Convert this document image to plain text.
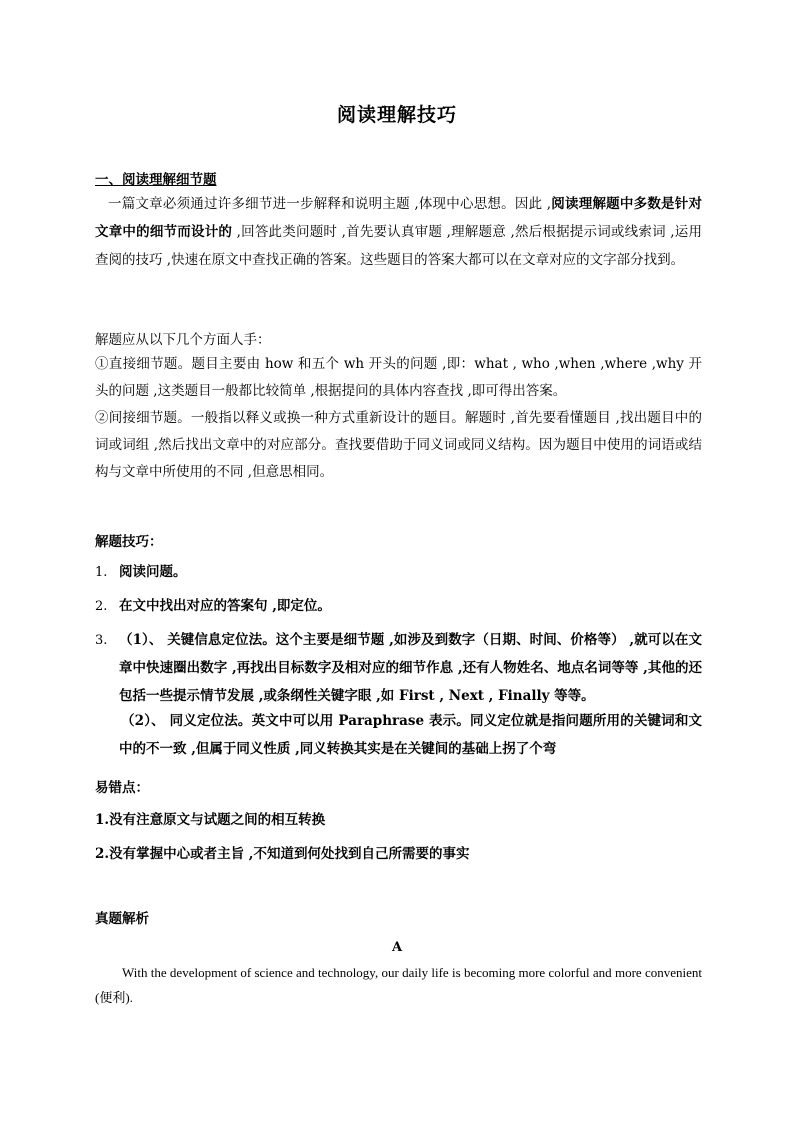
阅读理解技巧
一、阅读理解细节题
一篇文章必须通过许多细节进一步解释和说明主题 ,体现中心思想。因此 ,阅读理解题中多数是针对文章中的细节而设计的 ,回答此类问题时 ,首先要认真审题 ,理解题意 ,然后根据提示词或线索词 ,运用查阅的技巧 ,快速在原文中查找正确的答案。这些题目的答案大都可以在文章对应的文字部分找到。
解题应从以下几个方面人手：
①直接细节题。题目主要由 how 和五个 wh 开头的问题 ,即：what , who ,when ,where ,why 开头的问题 ,这类题目一般都比较简单 ,根据提问的具体内容查找 ,即可得出答案。
②间接细节题。一般指以释义或换一种方式重新设计的题目。解题时 ,首先要看懂题目 ,找出题目中的词或词组 ,然后找出文章中的对应部分。查找要借助于同义词或同义结构。因为题目中使用的词语或结构与文章中所使用的不同 ,但意思相同。
解题技巧：
1. 阅读问题。
2. 在文中找出对应的答案句 ,即定位。
3. （1）、 关键信息定位法。这个主要是细节题 ,如涉及到数字（日期、时间、价格等） ,就可以在文章中快速圈出数字 ,再找出目标数字及相对应的细节作息 ,还有人物姓名、地点名词等等 ,其他的还包括一些提示情节发展 ,或条纲性关键字眼 ,如 First , Next , Finally 等等。
（2）、 同义定位法。英文中可以用 Paraphrase 表示。同义定位就是指问题所用的关键词和文中的不一致 ,但属于同义性质 ,同义转换其实是在关键间的基础上拐了个弯
易错点：
1.没有注意原文与试题之间的相互转换
2.没有掌握中心或者主旨 ,不知道到何处找到自己所需要的事实
真题解析
A
With the development of science and technology, our daily life is becoming more colorful and more convenient (便利).
